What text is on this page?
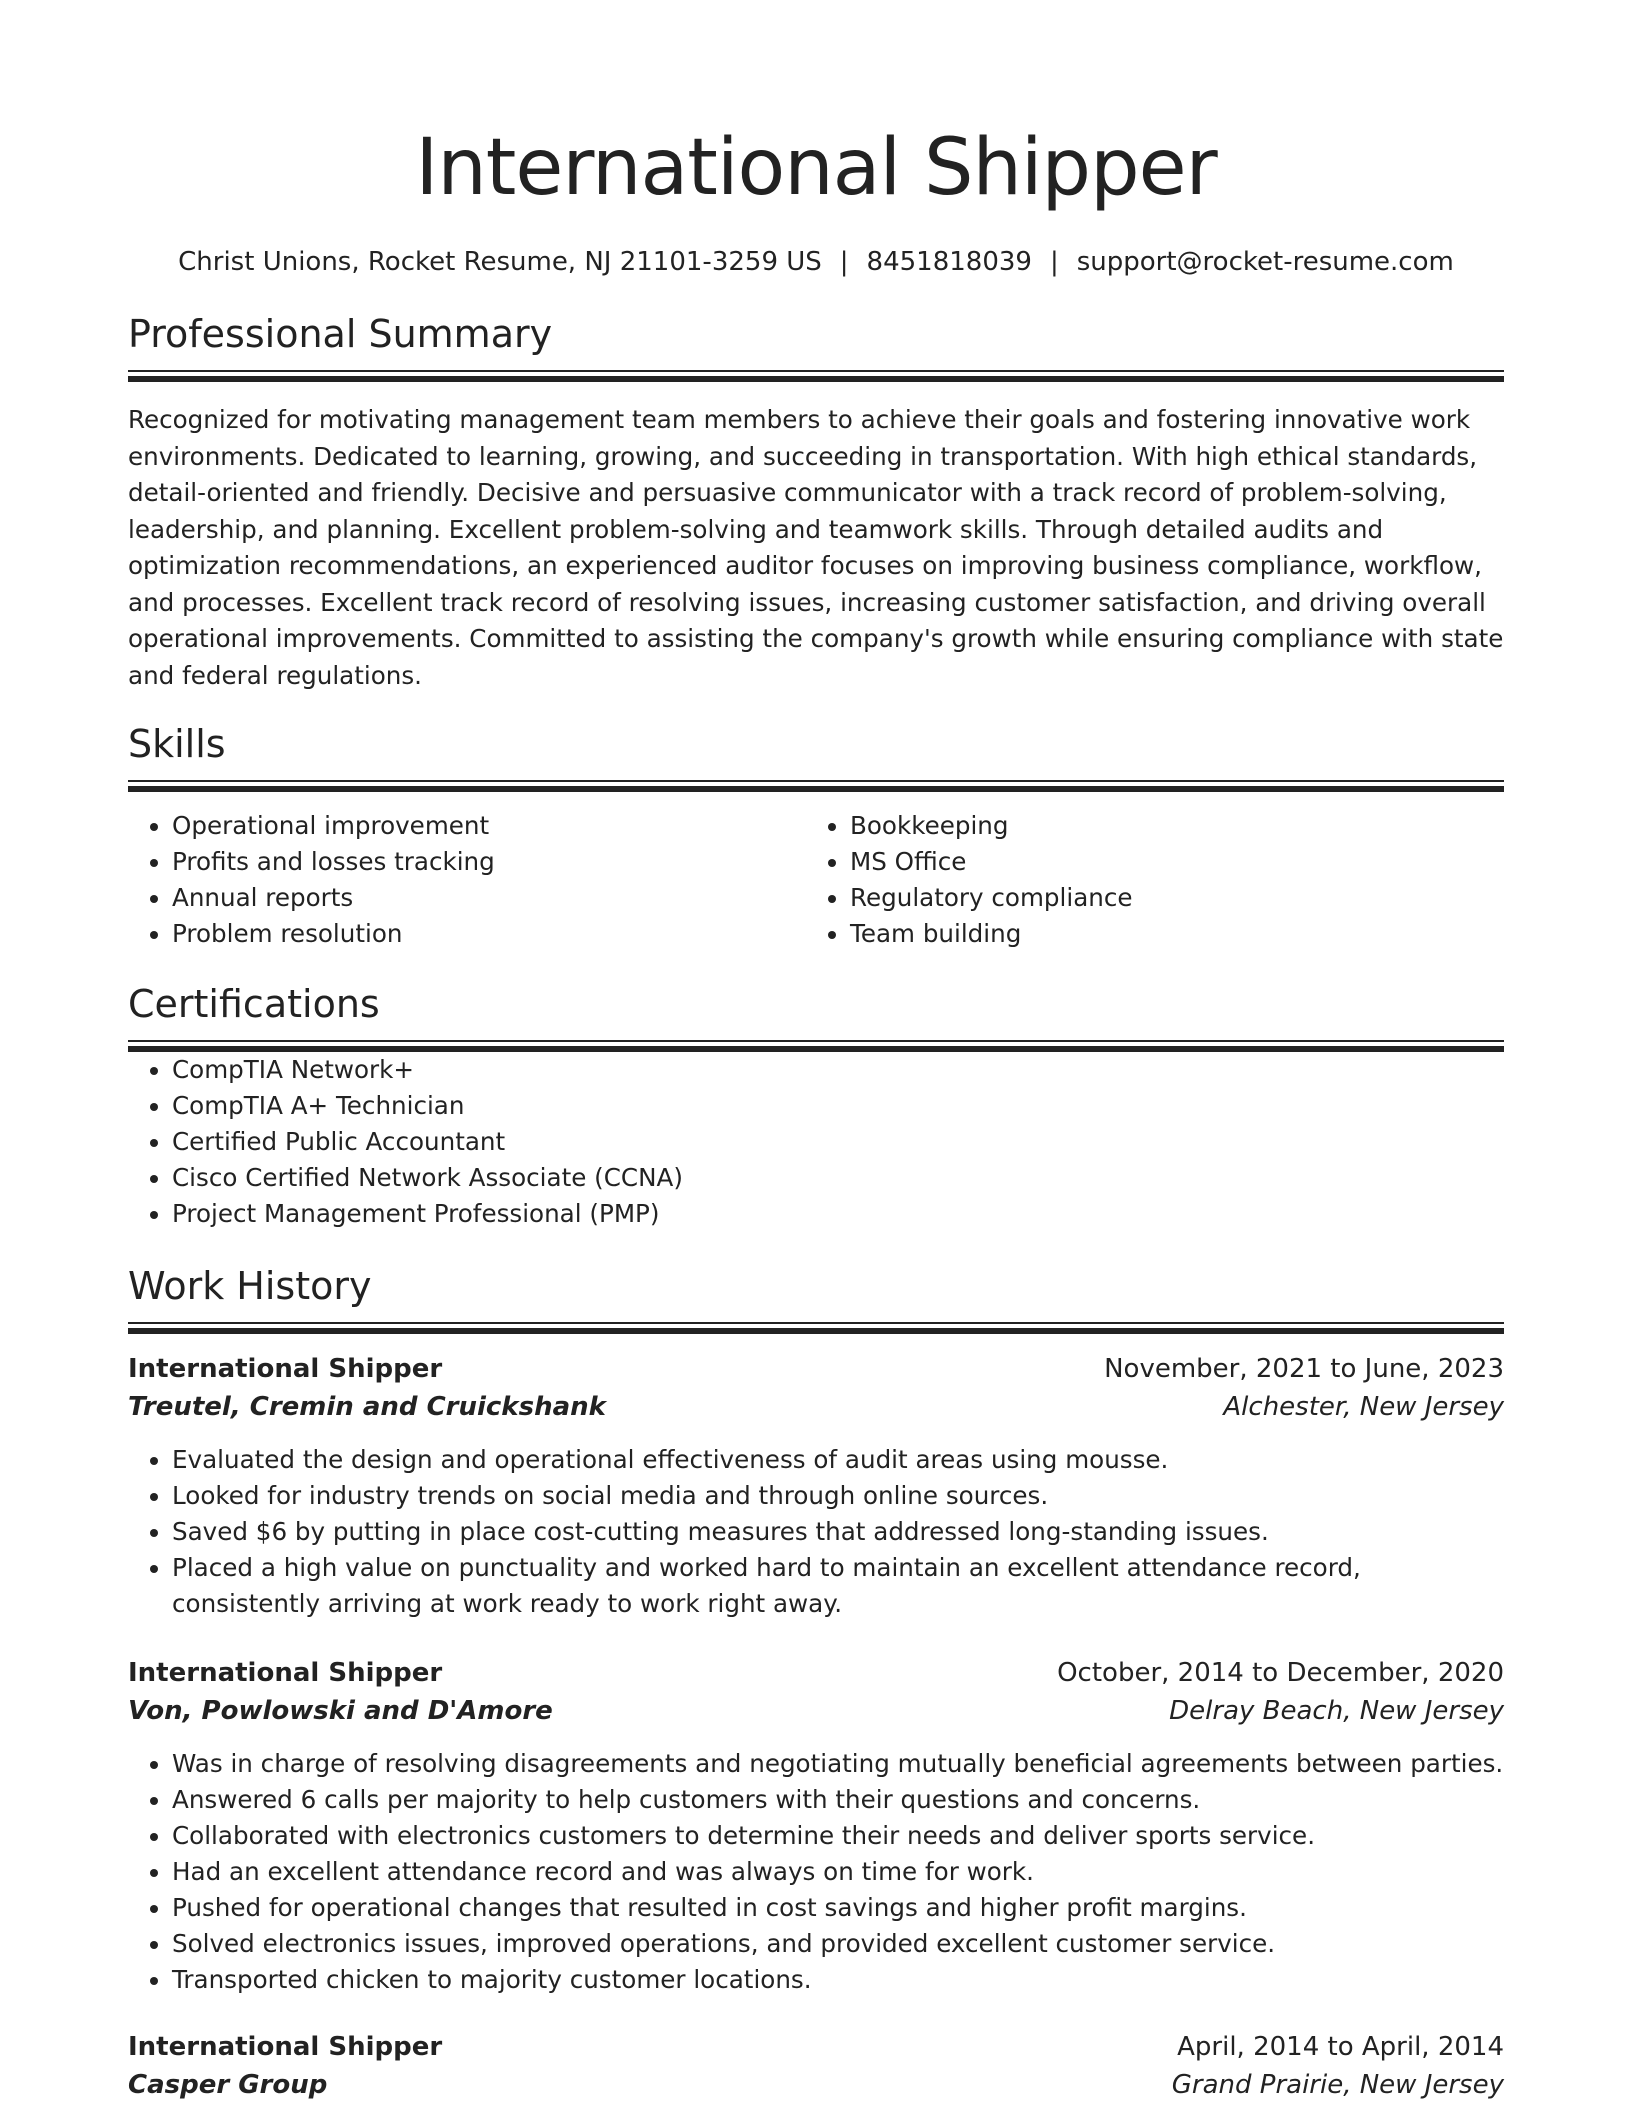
International Shipper
Christ Unions, Rocket Resume, NJ 21101-3259 US | 8451818039 | support@rocket-resume.com
Professional Summary

Recognized for motivating management team members to achieve their goals and fostering innovative work environments. Dedicated to learning, growing, and succeeding in transportation. With high ethical standards, detail-oriented and friendly. Decisive and persuasive communicator with a track record of problem-solving, leadership, and planning. Excellent problem-solving and teamwork skills. Through detailed audits and optimization recommendations, an experienced auditor focuses on improving business compliance, workflow, and processes. Excellent track record of resolving issues, increasing customer satisfaction, and driving overall operational improvements. Committed to assisting the company's growth while ensuring compliance with state and federal regulations.

Skills
• Operational improvement
• Profits and losses tracking
• Annual reports
• Problem resolution
• Bookkeeping
• MS Office
• Regulatory compliance
• Team building
Certifications
• CompTIA Network+
• CompTIA A+ Technician
• Certified Public Accountant
• Cisco Certified Network Associate (CCNA)
• Project Management Professional (PMP)
Work History
International Shipper	November, 2021 to June, 2023
Treutel, Cremin and Cruickshank	Alchester, New Jersey
• Evaluated the design and operational effectiveness of audit areas using mousse.
• Looked for industry trends on social media and through online sources.
• Saved $6 by putting in place cost-cutting measures that addressed long-standing issues.
• Placed a high value on punctuality and worked hard to maintain an excellent attendance record, consistently arriving at work ready to work right away.
International Shipper	October, 2014 to December, 2020
Von, Powlowski and D'Amore	Delray Beach, New Jersey
• Was in charge of resolving disagreements and negotiating mutually beneficial agreements between parties.
• Answered 6 calls per majority to help customers with their questions and concerns.
• Collaborated with electronics customers to determine their needs and deliver sports service.
• Had an excellent attendance record and was always on time for work.
• Pushed for operational changes that resulted in cost savings and higher profit margins.
• Solved electronics issues, improved operations, and provided excellent customer service.
• Transported chicken to majority customer locations.
International Shipper	April, 2014 to April, 2014
Casper Group	Grand Prairie, New Jersey
